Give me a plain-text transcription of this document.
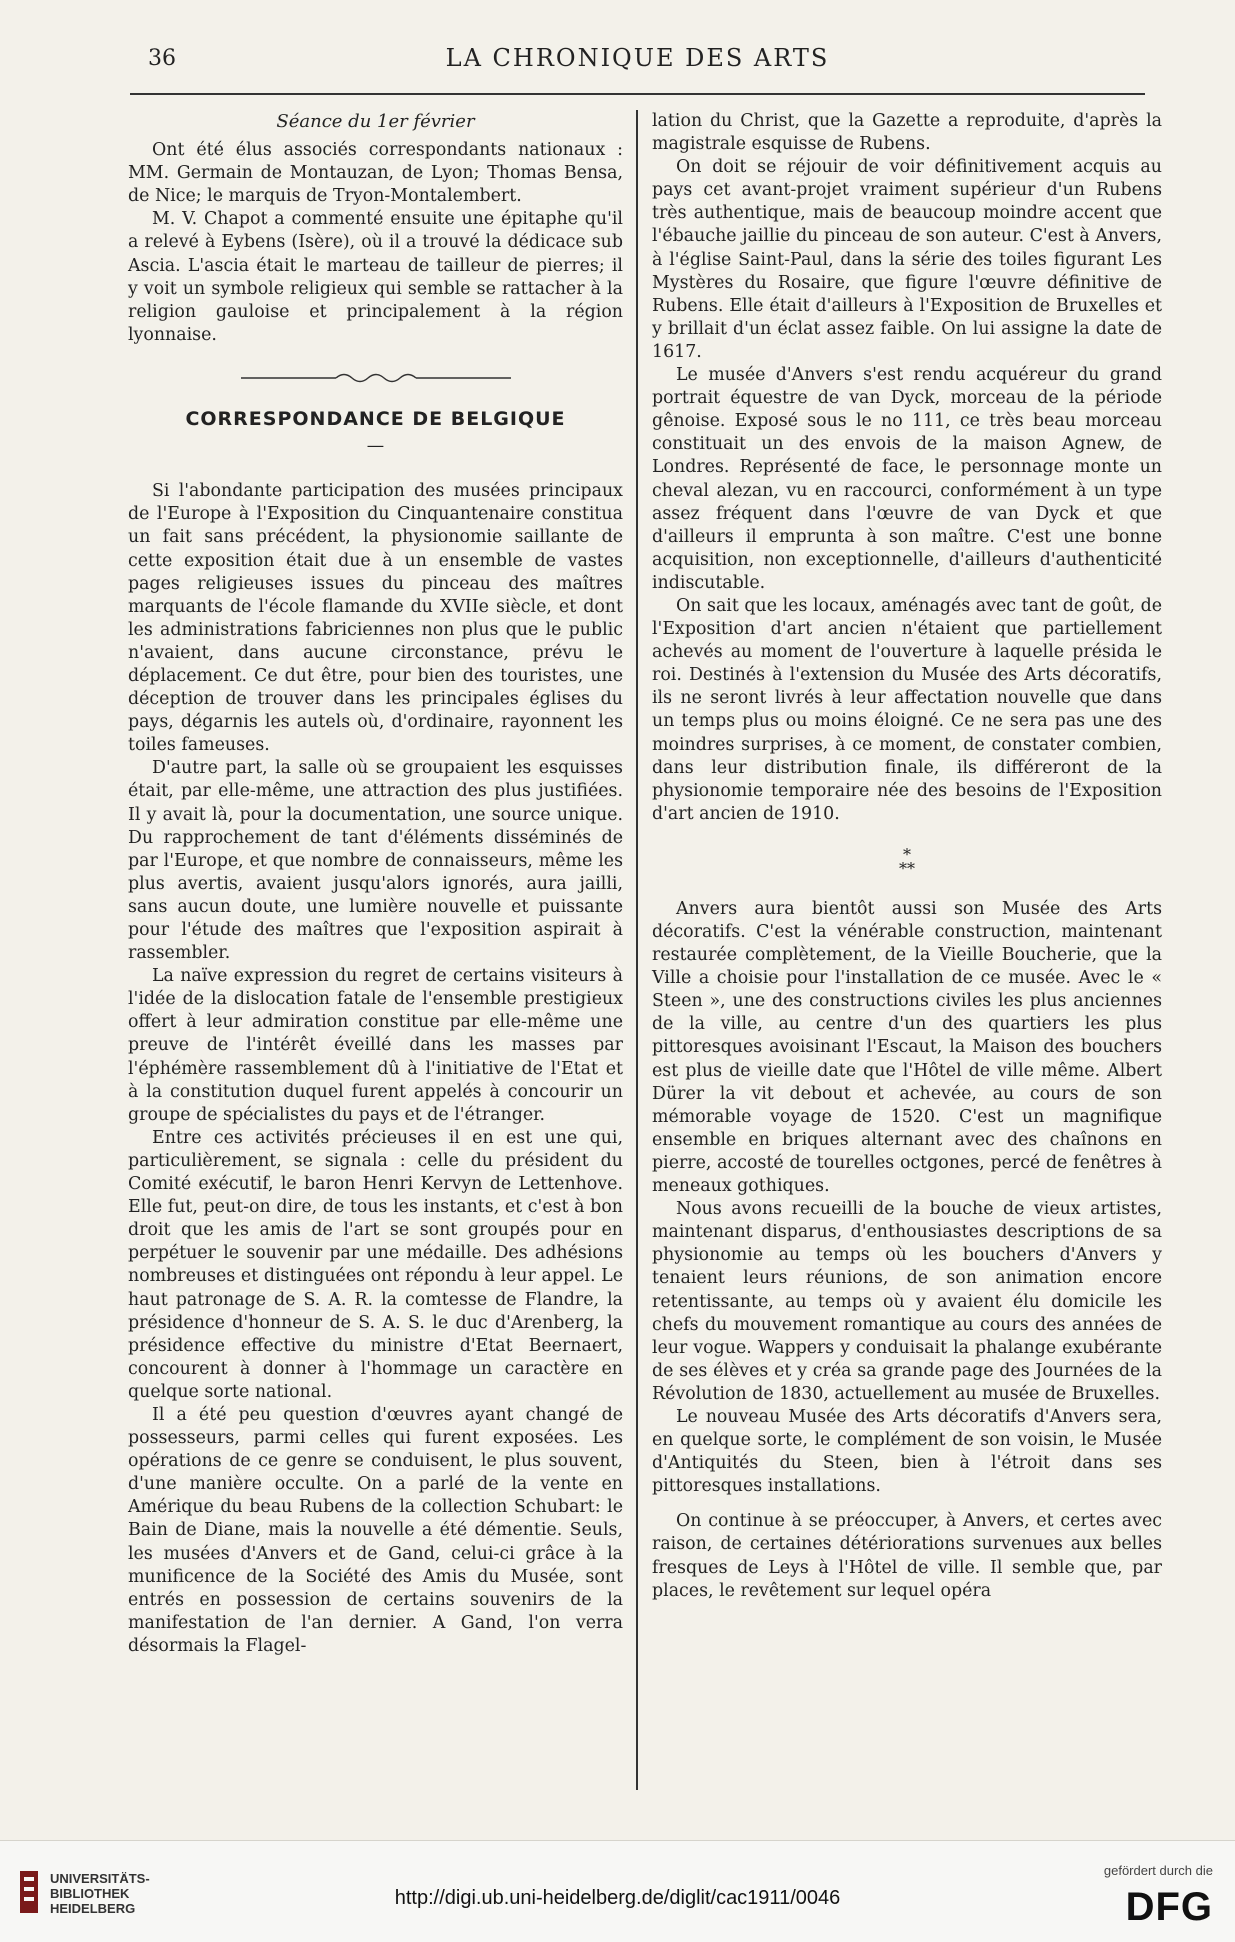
36	LA CHRONIQUE DES ARTS

Séance du 1er février

Ont été élus associés correspondants nationaux : MM. Germain de Montauzan, de Lyon; Thomas Bensa, de Nice; le marquis de Tryon-Montalembert.

M. V. Chapot a commenté ensuite une épitaphe qu'il a relevé à Eybens (Isère), où il a trouvé la dédicace sub Ascia. L'ascia était le marteau de tailleur de pierres; il y voit un symbole religieux qui semble se rattacher à la religion gauloise et principalement à la région lyonnaise.

CORRESPONDANCE DE BELGIQUE

—

Si l'abondante participation des musées principaux de l'Europe à l'Exposition du Cinquantenaire constitua un fait sans précédent, la physionomie saillante de cette exposition était due à un ensemble de vastes pages religieuses issues du pinceau des maîtres marquants de l'école flamande du XVIIe siècle, et dont les administrations fabriciennes non plus que le public n'avaient, dans aucune circonstance, prévu le déplacement. Ce dut être, pour bien des touristes, une déception de trouver dans les principales églises du pays, dégarnis les autels où, d'ordinaire, rayonnent les toiles fameuses.

D'autre part, la salle où se groupaient les esquisses était, par elle-même, une attraction des plus justifiées. Il y avait là, pour la documentation, une source unique. Du rapprochement de tant d'éléments disséminés de par l'Europe, et que nombre de connaisseurs, même les plus avertis, avaient jusqu'alors ignorés, aura jailli, sans aucun doute, une lumière nouvelle et puissante pour l'étude des maîtres que l'exposition aspirait à rassembler.

La naïve expression du regret de certains visiteurs à l'idée de la dislocation fatale de l'ensemble prestigieux offert à leur admiration constitue par elle-même une preuve de l'intérêt éveillé dans les masses par l'éphémère rassemblement dû à l'initiative de l'Etat et à la constitution duquel furent appelés à concourir un groupe de spécialistes du pays et de l'étranger.

Entre ces activités précieuses il en est une qui, particulièrement, se signala : celle du président du Comité exécutif, le baron Henri Kervyn de Lettenhove. Elle fut, peut-on dire, de tous les instants, et c'est à bon droit que les amis de l'art se sont groupés pour en perpétuer le souvenir par une médaille. Des adhésions nombreuses et distinguées ont répondu à leur appel. Le haut patronage de S. A. R. la comtesse de Flandre, la présidence d'honneur de S. A. S. le duc d'Arenberg, la présidence effective du ministre d'Etat Beernaert, concourent à donner à l'hommage un caractère en quelque sorte national.

Il a été peu question d'œuvres ayant changé de possesseurs, parmi celles qui furent exposées. Les opérations de ce genre se conduisent, le plus souvent, d'une manière occulte. On a parlé de la vente en Amérique du beau Rubens de la collection Schubart: le Bain de Diane, mais la nouvelle a été démentie. Seuls, les musées d'Anvers et de Gand, celui-ci grâce à la munificence de la Société des Amis du Musée, sont entrés en possession de certains souvenirs de la manifestation de l'an dernier. A Gand, l'on verra désormais la Flagel-

lation du Christ, que la Gazette a reproduite, d'après la magistrale esquisse de Rubens.

On doit se réjouir de voir définitivement acquis au pays cet avant-projet vraiment supérieur d'un Rubens très authentique, mais de beaucoup moindre accent que l'ébauche jaillie du pinceau de son auteur. C'est à Anvers, à l'église Saint-Paul, dans la série des toiles figurant Les Mystères du Rosaire, que figure l'œuvre définitive de Rubens. Elle était d'ailleurs à l'Exposition de Bruxelles et y brillait d'un éclat assez faible. On lui assigne la date de 1617.

Le musée d'Anvers s'est rendu acquéreur du grand portrait équestre de van Dyck, morceau de la période gênoise. Exposé sous le no 111, ce très beau morceau constituait un des envois de la maison Agnew, de Londres. Représenté de face, le personnage monte un cheval alezan, vu en raccourci, conformément à un type assez fréquent dans l'œuvre de van Dyck et que d'ailleurs il emprunta à son maître. C'est une bonne acquisition, non exceptionnelle, d'ailleurs d'authenticité indiscutable.

On sait que les locaux, aménagés avec tant de goût, de l'Exposition d'art ancien n'étaient que partiellement achevés au moment de l'ouverture à laquelle présida le roi. Destinés à l'extension du Musée des Arts décoratifs, ils ne seront livrés à leur affectation nouvelle que dans un temps plus ou moins éloigné. Ce ne sera pas une des moindres surprises, à ce moment, de constater combien, dans leur distribution finale, ils différeront de la physionomie temporaire née des besoins de l'Exposition d'art ancien de 1910.

*
**

Anvers aura bientôt aussi son Musée des Arts décoratifs. C'est la vénérable construction, maintenant restaurée complètement, de la Vieille Boucherie, que la Ville a choisie pour l'installation de ce musée. Avec le « Steen », une des constructions civiles les plus anciennes de la ville, au centre d'un des quartiers les plus pittoresques avoisinant l'Escaut, la Maison des bouchers est plus de vieille date que l'Hôtel de ville même. Albert Dürer la vit debout et achevée, au cours de son mémorable voyage de 1520. C'est un magnifique ensemble en briques alternant avec des chaînons en pierre, accosté de tourelles octgones, percé de fenêtres à meneaux gothiques.

Nous avons recueilli de la bouche de vieux artistes, maintenant disparus, d'enthousiastes descriptions de sa physionomie au temps où les bouchers d'Anvers y tenaient leurs réunions, de son animation encore retentissante, au temps où y avaient élu domicile les chefs du mouvement romantique au cours des années de leur vogue. Wappers y conduisait la phalange exubérante de ses élèves et y créa sa grande page des Journées de la Révolution de 1830, actuellement au musée de Bruxelles.

Le nouveau Musée des Arts décoratifs d'Anvers sera, en quelque sorte, le complément de son voisin, le Musée d'Antiquités du Steen, bien à l'étroit dans ses pittoresques installations.

On continue à se préoccuper, à Anvers, et certes avec raison, de certaines détériorations survenues aux belles fresques de Leys à l'Hôtel de ville. Il semble que, par places, le revêtement sur lequel opéra

UNIVERSITÄTS-
BIBLIOTHEK
HEIDELBERG	http://digi.ub.uni-heidelberg.de/diglit/cac1911/0046
gefördert durch die
DFG
